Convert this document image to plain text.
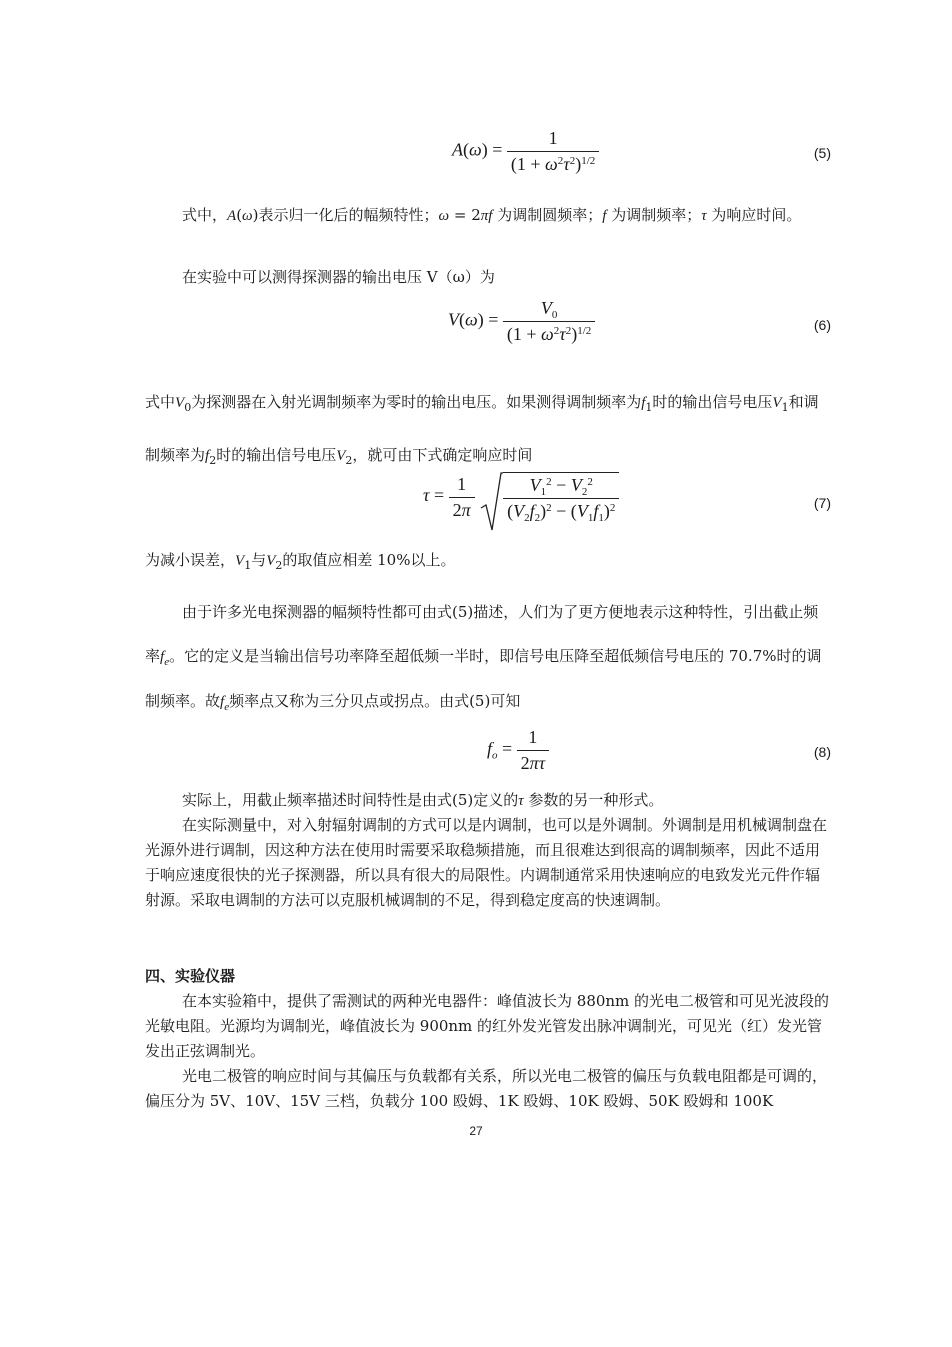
$A(\omega) = \frac{1}{(1 + \omega^2\tau^2)^{1/2}}$	(5)

式中，A(ω)表示归一化后的幅频特性；ω = 2πf 为调制圆频率；f 为调制频率；τ 为响应时间。

在实验中可以测得探测器的输出电压 V（ω）为

$V(\omega) = \frac{V_0}{(1 + \omega^2\tau^2)^{1/2}}$	(6)

式中$V_0$为探测器在入射光调制频率为零时的输出电压。如果测得调制频率为$f_1$时的输出信号电压$V_1$和调制频率为$f_2$时的输出信号电压$V_2$，就可由下式确定响应时间

$\tau = \frac{1}{2\pi}$
$\frac{V_1^2 - V_2^2}{(V_2f_2)^2 - (V_1f_1)^2}$	(7)

为减小误差，$V_1$与$V_2$的取值应相差 10%以上。

由于许多光电探测器的幅频特性都可由式(5)描述，人们为了更方便地表示这种特性，引出截止频率$f_e$。它的定义是当输出信号功率降至超低频一半时，即信号电压降至超低频信号电压的 70.7%时的调制频率。故$f_e$频率点又称为三分贝点或拐点。由式(5)可知

$f_o = \frac{1}{2\pi\tau}$	(8)

实际上，用截止频率描述时间特性是由式(5)定义的τ 参数的另一种形式。

在实际测量中，对入射辐射调制的方式可以是内调制，也可以是外调制。外调制是用机械调制盘在光源外进行调制，因这种方法在使用时需要采取稳频措施，而且很难达到很高的调制频率，因此不适用于响应速度很快的光子探测器，所以具有很大的局限性。内调制通常采用快速响应的电致发光元件作辐射源。采取电调制的方法可以克服机械调制的不足，得到稳定度高的快速调制。

四、实验仪器

在本实验箱中，提供了需测试的两种光电器件：峰值波长为 880nm 的光电二极管和可见光波段的光敏电阻。光源均为调制光，峰值波长为 900nm 的红外发光管发出脉冲调制光，可见光（红）发光管发出正弦调制光。

光电二极管的响应时间与其偏压与负载都有关系，所以光电二极管的偏压与负载电阻都是可调的，偏压分为 5V、10V、15V 三档，负载分 100 殴姆、1K 殴姆、10K 殴姆、50K 殴姆和 100K

27
